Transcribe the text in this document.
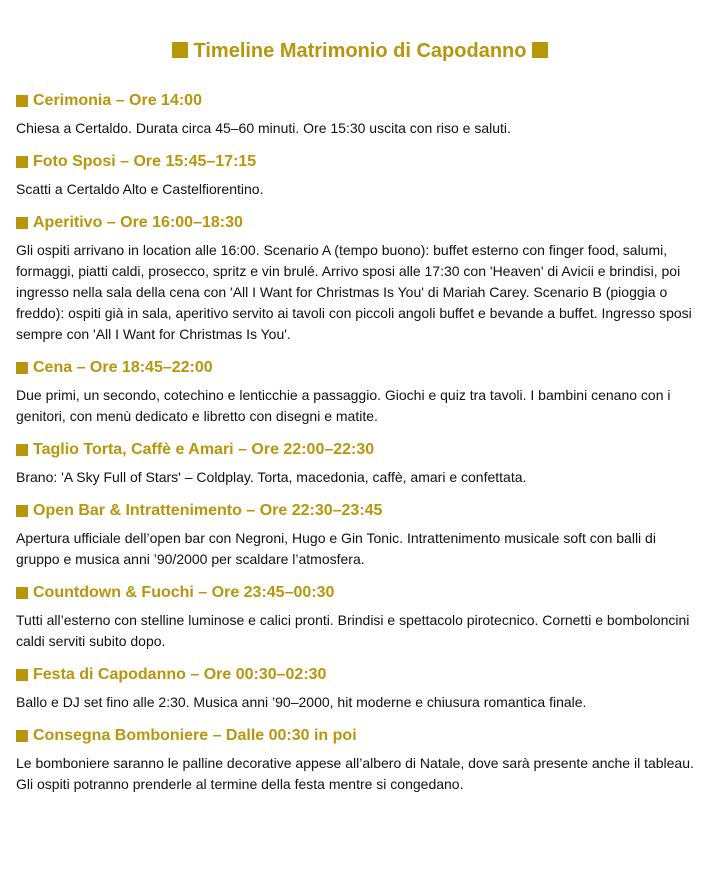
Timeline Matrimonio di Capodanno
Cerimonia – Ore 14:00

Chiesa a Certaldo. Durata circa 45–60 minuti. Ore 15:30 uscita con riso e saluti.

Foto Sposi – Ore 15:45–17:15

Scatti a Certaldo Alto e Castelfiorentino.

Aperitivo – Ore 16:00–18:30

Gli ospiti arrivano in location alle 16:00. Scenario A (tempo buono): buffet esterno con finger food, salumi, formaggi, piatti caldi, prosecco, spritz e vin brulé. Arrivo sposi alle 17:30 con 'Heaven' di Avicii e brindisi, poi ingresso nella sala della cena con 'All I Want for Christmas Is You' di Mariah Carey. Scenario B (pioggia o freddo): ospiti già in sala, aperitivo servito ai tavoli con piccoli angoli buffet e bevande a buffet. Ingresso sposi sempre con 'All I Want for Christmas Is You'.

Cena – Ore 18:45–22:00

Due primi, un secondo, cotechino e lenticchie a passaggio. Giochi e quiz tra tavoli. I bambini cenano con i genitori, con menù dedicato e libretto con disegni e matite.

Taglio Torta, Caffè e Amari – Ore 22:00–22:30

Brano: 'A Sky Full of Stars' – Coldplay. Torta, macedonia, caffè, amari e confettata.

Open Bar & Intrattenimento – Ore 22:30–23:45

Apertura ufficiale dell’open bar con Negroni, Hugo e Gin Tonic. Intrattenimento musicale soft con balli di gruppo e musica anni ’90/2000 per scaldare l’atmosfera.

Countdown & Fuochi – Ore 23:45–00:30

Tutti all’esterno con stelline luminose e calici pronti. Brindisi e spettacolo pirotecnico. Cornetti e bomboloncini caldi serviti subito dopo.

Festa di Capodanno – Ore 00:30–02:30

Ballo e DJ set fino alle 2:30. Musica anni ’90–2000, hit moderne e chiusura romantica finale.

Consegna Bomboniere – Dalle 00:30 in poi

Le bomboniere saranno le palline decorative appese all’albero di Natale, dove sarà presente anche il tableau. Gli ospiti potranno prenderle al termine della festa mentre si congedano.
